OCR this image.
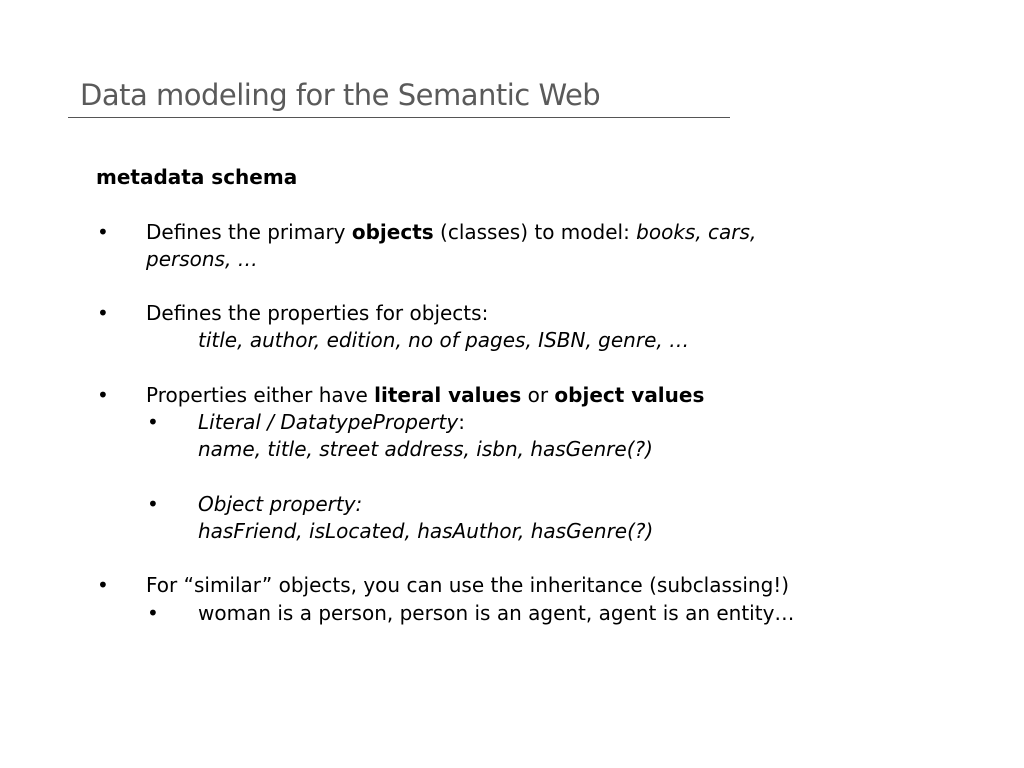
Data modeling for the Semantic Web
metadata schema
• Defines the primary objects (classes) to model: books, cars,
persons, …
• Defines the properties for objects:
title, author, edition, no of pages, ISBN, genre, …
• Properties either have literal values or object values
• Literal / DatatypeProperty:
name, title, street address, isbn, hasGenre(?)
• Object property:
hasFriend, isLocated, hasAuthor, hasGenre(?)
• For “similar” objects, you can use the inheritance (subclassing!)
• woman is a person, person is an agent, agent is an entity…
